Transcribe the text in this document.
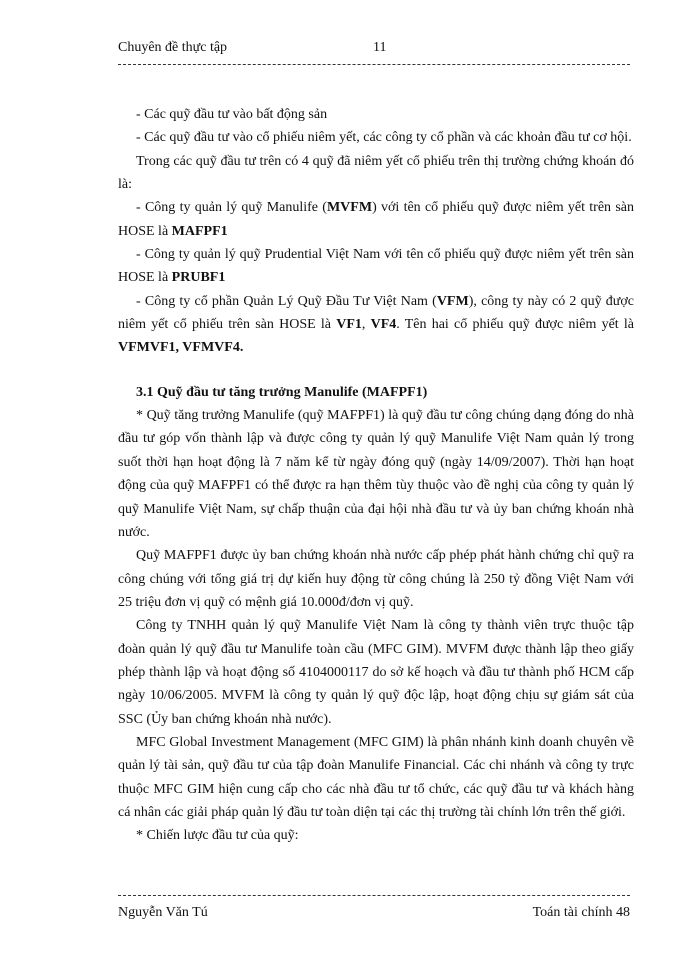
Chuyên đề thực tập	11

- Các quỹ đầu tư vào bất động sản

- Các quỹ đầu tư vào cổ phiếu niêm yết, các công ty cổ phần và các khoản đầu tư cơ hội.

Trong các quỹ đầu tư trên có 4 quỹ đã niêm yết cổ phiếu trên thị trường chứng khoán đó là:

- Công ty quản lý quỹ Manulife (MVFM) với tên cổ phiếu quỹ được niêm yết trên sàn HOSE là MAFPF1

- Công ty quản lý quỹ Prudential Việt Nam với tên cổ phiếu quỹ được niêm yết trên sàn HOSE là PRUBF1

- Công ty cổ phần Quản Lý Quỹ Đầu Tư Việt Nam (VFM), công ty này có 2 quỹ được niêm yết cổ phiếu trên sàn HOSE là VF1, VF4. Tên hai cổ phiếu quỹ được niêm yết là VFMVF1, VFMVF4.

3.1 Quỹ đầu tư tăng trưởng Manulife (MAFPF1)

* Quỹ tăng trưởng Manulife (quỹ MAFPF1) là quỹ đầu tư công chúng dạng đóng do nhà đầu tư góp vốn thành lập và được công ty quản lý quỹ Manulife Việt Nam quản lý trong suốt thời hạn hoạt động là 7 năm kể từ ngày đóng quỹ (ngày 14/09/2007). Thời hạn hoạt động của quỹ MAFPF1 có thể được ra hạn thêm tùy thuộc vào đề nghị của công ty quản lý quỹ Manulife Việt Nam, sự chấp thuận của đại hội nhà đầu tư và ủy ban chứng khoán nhà nước.

Quỹ MAFPF1 được ủy ban chứng khoán nhà nước cấp phép phát hành chứng chỉ quỹ ra công chúng với tổng giá trị dự kiến huy động từ công chúng là 250 tỷ đồng Việt Nam với 25 triệu đơn vị quỹ có mệnh giá 10.000đ/đơn vị quỹ.

Công ty TNHH quản lý quỹ Manulife Việt Nam là công ty thành viên trực thuộc tập đoàn quản lý quỹ đầu tư Manulife toàn cầu (MFC GIM). MVFM được thành lập theo giấy phép thành lập và hoạt động số 4104000117 do sở kế hoạch và đầu tư thành phố HCM cấp ngày 10/06/2005. MVFM là công ty quản lý quỹ độc lập, hoạt động chịu sự giám sát của SSC (Ủy ban chứng khoán nhà nước).

MFC Global Investment Management (MFC GIM) là phân nhánh kinh doanh chuyên về quản lý tài sản, quỹ đầu tư của tập đoàn Manulife Financial. Các chi nhánh và công ty trực thuộc MFC GIM hiện cung cấp cho các nhà đầu tư tổ chức, các quỹ đầu tư và khách hàng cá nhân các giải pháp quản lý đầu tư toàn diện tại các thị trường tài chính lớn trên thế giới.

* Chiến lược đầu tư của quỹ:

Nguyễn Văn Tú	Toán tài chính 48
